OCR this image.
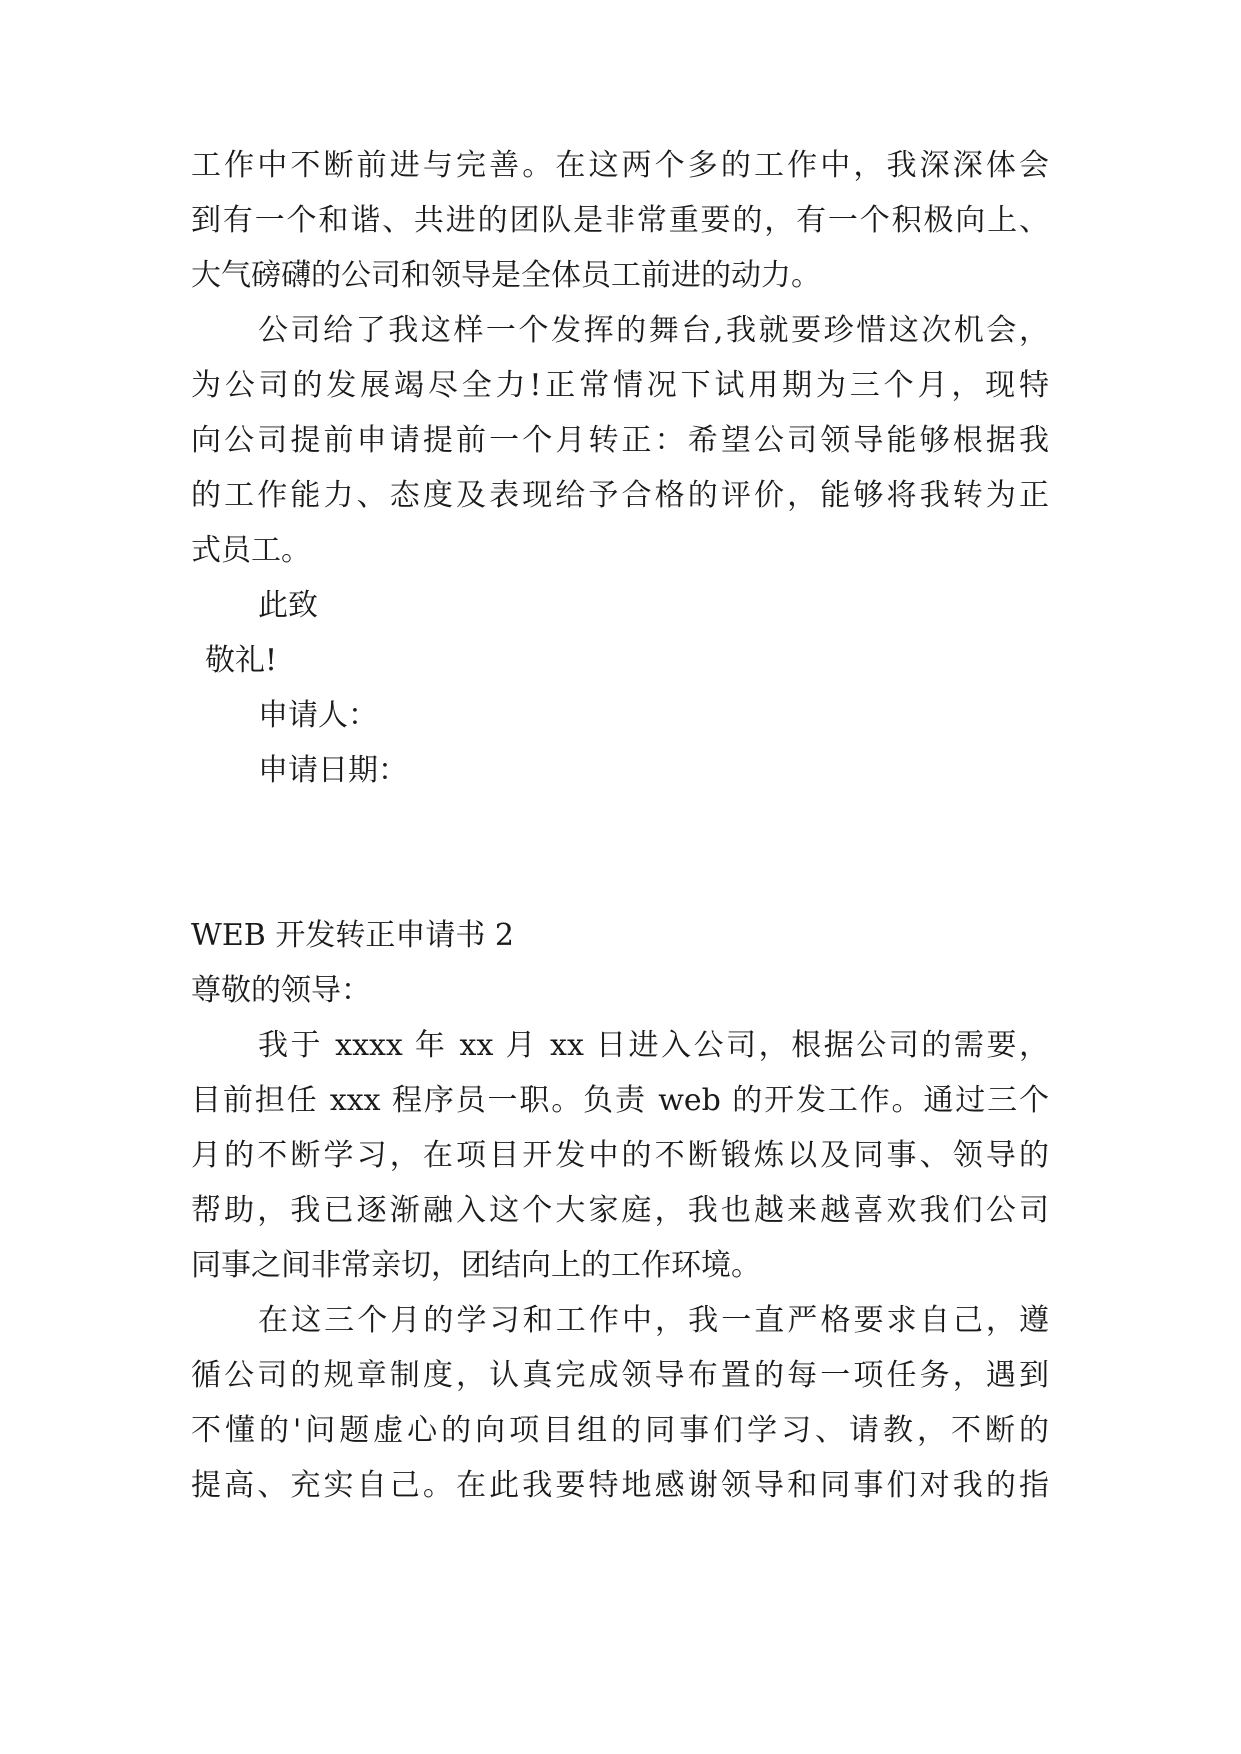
工作中不断前进与完善。在这两个多的工作中，我深深体会

到有一个和谐、共进的团队是非常重要的，有一个积极向上、

大气磅礴的公司和领导是全体员工前进的动力。

公司给了我这样一个发挥的舞台,我就要珍惜这次机会，

为公司的发展竭尽全力!正常情况下试用期为三个月，现特

向公司提前申请提前一个月转正：希望公司领导能够根据我

的工作能力、态度及表现给予合格的评价，能够将我转为正

式员工。

此致

敬礼!

申请人：

申请日期：

WEB 开发转正申请书 2

尊敬的领导：

我于 xxxx 年 xx 月 xx 日进入公司，根据公司的需要，

目前担任 xxx 程序员一职。负责 web 的开发工作。通过三个

月的不断学习，在项目开发中的不断锻炼以及同事、领导的

帮助，我已逐渐融入这个大家庭，我也越来越喜欢我们公司

同事之间非常亲切，团结向上的工作环境。

在这三个月的学习和工作中，我一直严格要求自己，遵

循公司的规章制度，认真完成领导布置的每一项任务，遇到

不懂的'问题虚心的向项目组的同事们学习、请教，不断的

提高、充实自己。在此我要特地感谢领导和同事们对我的指
